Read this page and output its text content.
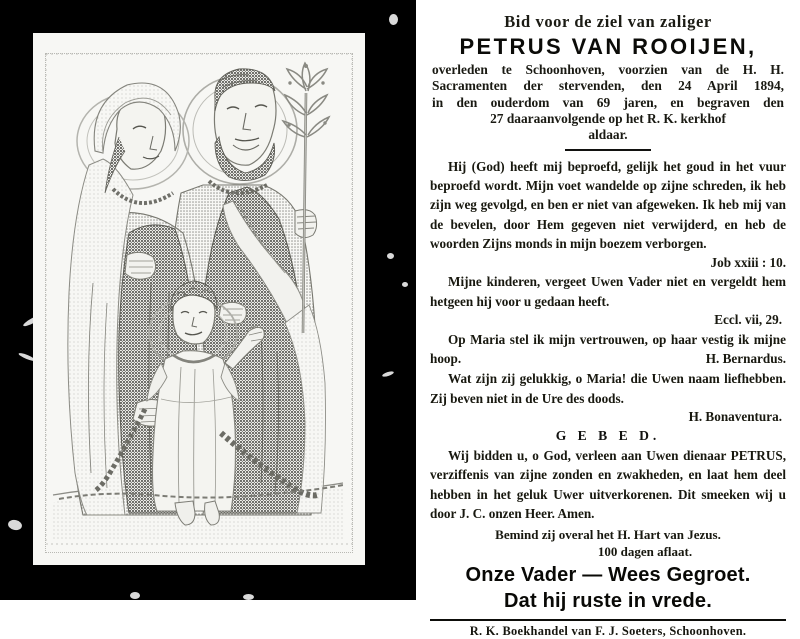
Bid voor de ziel van zaliger
PETRUS VAN ROOIJEN,
overleden te Schoonhoven, voorzien van de H. H.
Sacramenten der stervenden, den 24 April 1894,
in den ouderdom van 69 jaren, en begraven den
27 daaraanvolgende op het R. K. kerkhof
aldaar.

Hij (God) heeft mij beproefd, gelijk het goud in het vuur beproefd wordt. Mijn voet wandelde op zijne schreden, ik heb zijn weg gevolgd, en ben er niet van afgeweken. Ik heb mij van de bevelen, door Hem gegeven niet verwijderd, en heb de woorden Zijns monds in mijn boezem verborgen.
Job xxiii : 10.

Mijne kinderen, vergeet Uwen Vader niet en vergeldt hem hetgeen hij voor u gedaan heeft.

Eccl. vii, 29.

Op Maria stel ik mijn vertrouwen, op haar vestig ik mijne hoop.	H. Bernardus.

Wat zijn zij gelukkig, o Maria! die Uwen naam liefhebben. Zij beven niet in de Ure des doods.

H. Bonaventura.
G E B E D.

Wij bidden u, o God, verleen aan Uwen dienaar PETRUS, verziffenis van zijne zonden en zwakheden, en laat hem deel hebben in het geluk Uwer uitverkorenen. Dit smeeken wij u door J. C. onzen Heer. Amen.

Bemind zij overal het H. Hart van Jezus.
100 dagen aflaat.
Onze Vader — Wees Gegroet.
Dat hij ruste in vrede.
R. K. Boekhandel van F. J. Soeters, Schoonhoven.
